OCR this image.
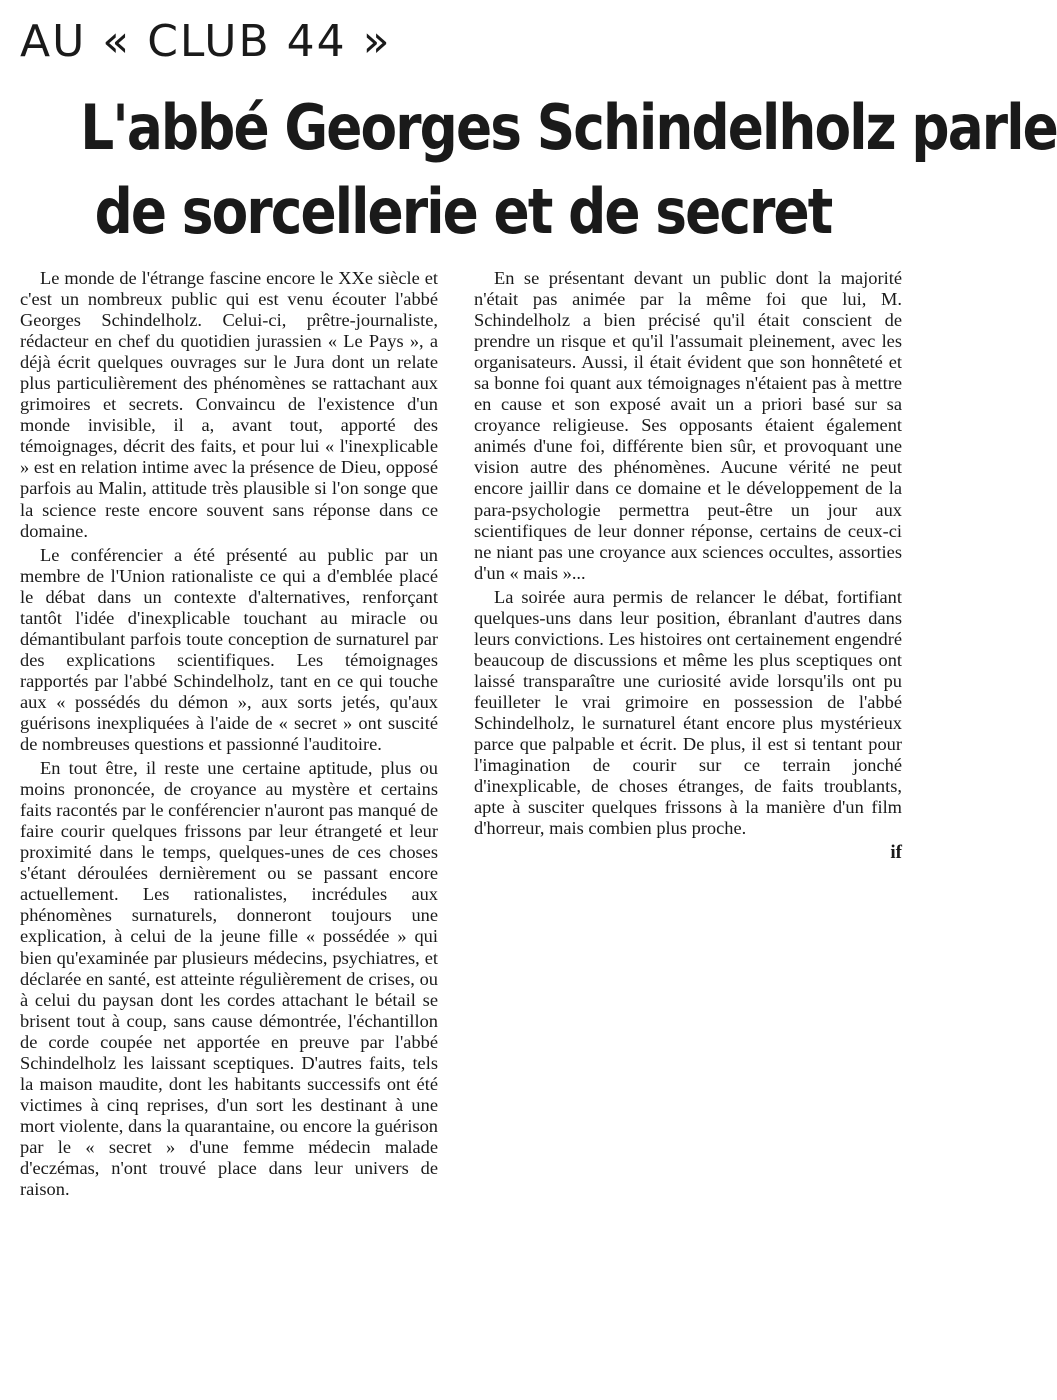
AU « CLUB 44 »
L'abbé Georges Schindelholz parle
de sorcellerie et de secret

Le monde de l'étrange fascine encore le XXe siècle et c'est un nombreux public qui est venu écouter l'abbé Georges Schindelholz. Celui-ci, prêtre-journaliste, rédacteur en chef du quotidien jurassien « Le Pays », a déjà écrit quelques ouvrages sur le Jura dont un relate plus particulièrement des phénomènes se rattachant aux grimoires et secrets. Convaincu de l'existence d'un monde invisible, il a, avant tout, apporté des témoignages, décrit des faits, et pour lui « l'inexplicable » est en relation intime avec la présence de Dieu, opposé parfois au Malin, attitude très plausible si l'on songe que la science reste encore souvent sans réponse dans ce domaine.

Le conférencier a été présenté au public par un membre de l'Union rationaliste ce qui a d'emblée placé le débat dans un contexte d'alternatives, renforçant tantôt l'idée d'inexplicable touchant au miracle ou démantibulant parfois toute conception de surnaturel par des explications scientifiques. Les témoignages rapportés par l'abbé Schindelholz, tant en ce qui touche aux « possédés du démon », aux sorts jetés, qu'aux guérisons inexpliquées à l'aide de « secret » ont suscité de nombreuses questions et passionné l'auditoire.

En tout être, il reste une certaine aptitude, plus ou moins prononcée, de croyance au mystère et certains faits racontés par le conférencier n'auront pas manqué de faire courir quelques frissons par leur étrangeté et leur proximité dans le temps, quelques-unes de ces choses s'étant déroulées dernièrement ou se passant encore actuellement. Les rationalistes, incrédules aux phénomènes surnaturels, donneront toujours une explication, à celui de la jeune fille « possédée » qui bien qu'examinée par plusieurs médecins, psychiatres, et déclarée en santé, est atteinte régulièrement de crises, ou à celui du paysan dont les cordes attachant le bétail se brisent tout à coup, sans cause démontrée, l'échantillon de corde coupée net apportée en preuve par l'abbé Schindelholz les laissant sceptiques. D'autres faits, tels la maison maudite, dont les habitants successifs ont été victimes à cinq reprises, d'un sort les destinant à une mort violente, dans la quarantaine, ou encore la guérison par le « secret » d'une femme médecin malade d'eczémas, n'ont trouvé place dans leur univers de raison.

En se présentant devant un public dont la majorité n'était pas animée par la même foi que lui, M. Schindelholz a bien précisé qu'il était conscient de prendre un risque et qu'il l'assumait pleinement, avec les organisateurs. Aussi, il était évident que son honnêteté et sa bonne foi quant aux témoignages n'étaient pas à mettre en cause et son exposé avait un a priori basé sur sa croyance religieuse. Ses opposants étaient également animés d'une foi, différente bien sûr, et provoquant une vision autre des phénomènes. Aucune vérité ne peut encore jaillir dans ce domaine et le développement de la para-psychologie permettra peut-être un jour aux scientifiques de leur donner réponse, certains de ceux-ci ne niant pas une croyance aux sciences occultes, assorties d'un « mais »...

La soirée aura permis de relancer le débat, fortifiant quelques-uns dans leur position, ébranlant d'autres dans leurs convictions. Les histoires ont certainement engendré beaucoup de discussions et même les plus sceptiques ont laissé transparaître une curiosité avide lorsqu'ils ont pu feuilleter le vrai grimoire en possession de l'abbé Schindelholz, le surnaturel étant encore plus mystérieux parce que palpable et écrit. De plus, il est si tentant pour l'imagination de courir sur ce terrain jonché d'inexplicable, de choses étranges, de faits troublants, apte à susciter quelques frissons à la manière d'un film d'horreur, mais combien plus proche.

if
